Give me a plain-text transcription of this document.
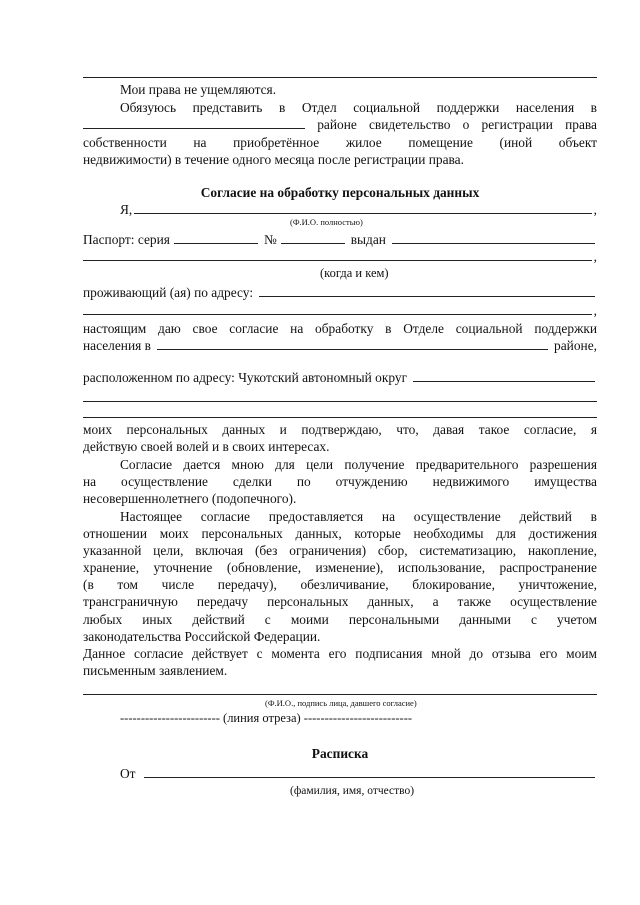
Мои права не ущемляются.
Обязуюсь представить в Отдел социальной поддержки населения в
районе свидетельство о регистрации права
собственности на приобретённое жилое помещение (иной объект
недвижимости) в течение одного месяца после регистрации права.
Согласие на обработку персональных данных
Я,	,
(Ф.И.О. полностью)
Паспорт: серия	№	выдан
,
(когда и кем)
проживающий (ая) по адресу:
,
настоящим даю свое согласие на обработку в Отделе социальной поддержки
населения в	районе,
расположенном по адресу: Чукотский автономный округ
моих персональных данных и подтверждаю, что, давая такое согласие, я
действую своей волей и в своих интересах.
Согласие дается мною для цели получение предварительного разрешения
на осуществление сделки по отчуждению недвижимого имущества
несовершеннолетнего (подопечного).
Настоящее согласие предоставляется на осуществление действий в
отношении моих персональных данных, которые необходимы для достижения
указанной цели, включая (без ограничения) сбор, систематизацию, накопление,
хранение, уточнение (обновление, изменение), использование, распространение
(в том числе передачу), обезличивание, блокирование, уничтожение,
трансграничную передачу персональных данных, а также осуществление
любых иных действий с моими персональными данными с учетом
законодательства Российской Федерации.
Данное согласие действует с момента его подписания мной до отзыва его моим
письменным заявлением.
(Ф.И.О., подпись лица, давшего согласие)
------------------------ (линия отреза) --------------------------
Расписка
От
(фамилия, имя, отчество)
